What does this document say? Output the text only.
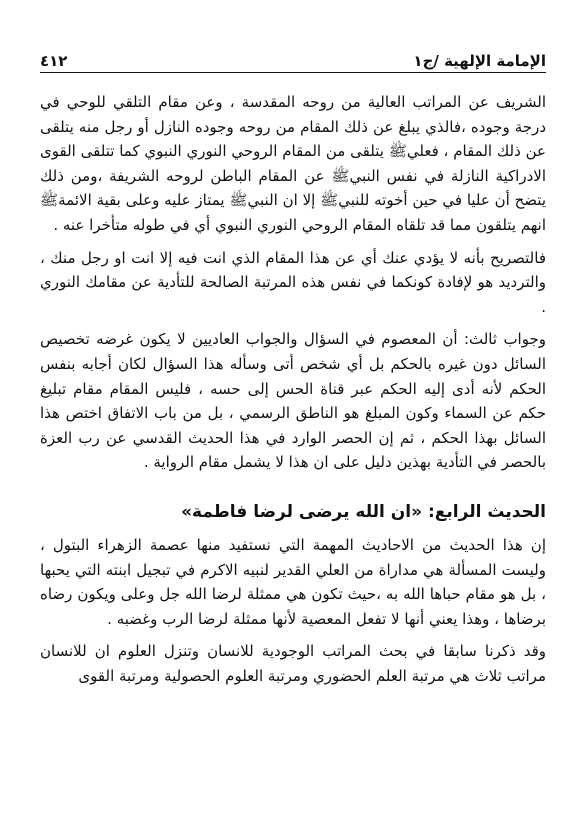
٤١٢	الإمامة الإلهية /ج١

الشريف عن المراتب العالية من روحه المقدسة ، وعن مقام التلقي للوحي في درجة وجوده ،فالذي يبلغ عن ذلك المقام من روحه وجوده النازل أو رجل منه يتلقى عن ذلك المقام ، فعليﷺ يتلقى من المقام الروحي النوري النبوي كما تتلقى القوى الادراكية النازلة في نفس النبيﷺ عن المقام الباطن لروحه الشريفة ،ومن ذلك يتضح أن عليا في حين أخوته للنبيﷺ إلا ان النبيﷺ يمتاز عليه وعلى بقية الائمةﷺ انهم يتلقون مما قد تلقاه المقام الروحي النوري النبوي أي في طوله متأخرا عنه .

فالتصريح بأنه لا يؤدي عنك أي عن هذا المقام الذي انت فيه إلا انت او رجل منك ، والترديد هو لإفادة كونكما في نفس هذه المرتبة الصالحة للتأدية عن مقامك النوري .

وجواب ثالث: أن المعصوم في السؤال والجواب العاديين لا يكون غرضه تخصيص السائل دون غيره بالحكم بل أي شخص أتى وسأله هذا السؤال لكان أجابه بنفس الحكم لأنه أدى إليه الحكم عبر قناة الحس إلى حسه ، فليس المقام مقام تبليغ حكم عن السماء وكون المبلغ هو الناطق الرسمي ، بل من باب الاتفاق اختص هذا السائل بهذا الحكم ، ثم إن الحصر الوارد في هذا الحديث القدسي عن رب العزة بالحصر في التأدية بهذين دليل على ان هذا لا يشمل مقام الرواية .

الحديث الرابع: «ان الله يرضى لرضا فاطمة»

إن هذا الحديث من الاحاديث المهمة التي نستفيد منها عصمة الزهراء البتول ، وليست المسألة هي مداراة من العلي القدير لنبيه الاكرم في تبجيل ابنته التي يحبها ، بل هو مقام حباها الله به ،حيث تكون هي ممثلة لرضا الله جل وعلى ويكون رضاه برضاها ، وهذا يعني أنها لا تفعل المعصية لأنها ممثلة لرضا الرب وغضبه .

وقد ذكرنا سابقا في بحث المراتب الوجودية للانسان وتنزل العلوم ان للانسان مراتب ثلاث هي مرتبة العلم الحضوري ومرتبة العلوم الحصولية ومرتبة القوى
